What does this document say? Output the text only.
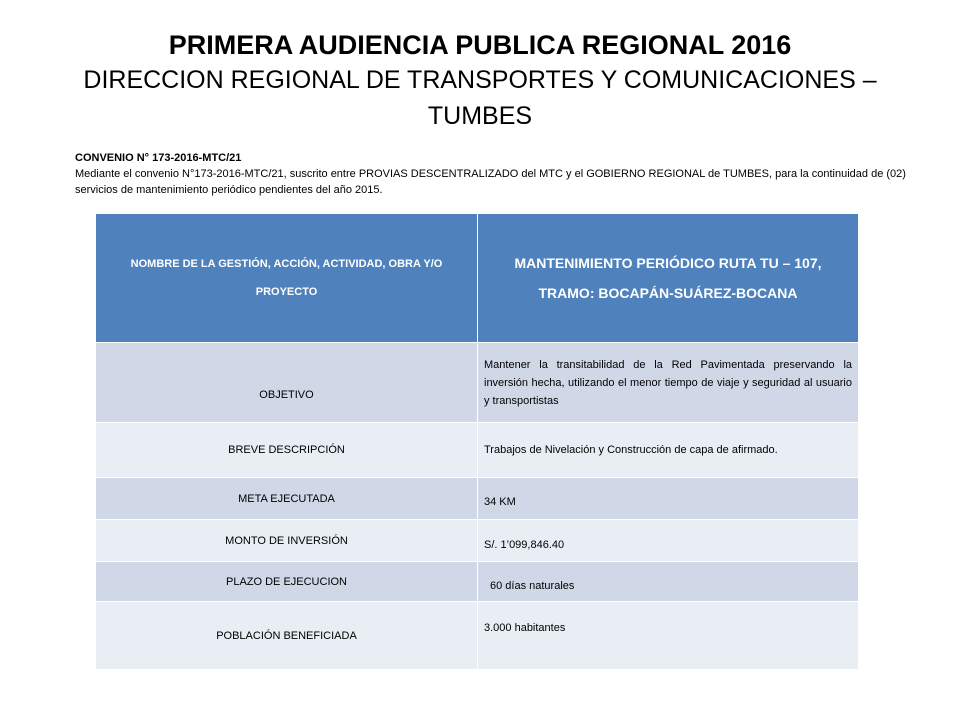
PRIMERA AUDIENCIA PUBLICA REGIONAL 2016
DIRECCION REGIONAL DE TRANSPORTES Y COMUNICACIONES –
TUMBES
CONVENIO N° 173-2016-MTC/21
Mediante el convenio N°173-2016-MTC/21, suscrito entre PROVIAS DESCENTRALIZADO del MTC y el GOBIERNO REGIONAL de TUMBES, para la continuidad de (02) servicios de mantenimiento periódico pendientes del año 2015.
NOMBRE DE LA GESTIÓN, ACCIÓN, ACTIVIDAD, OBRA Y/O PROYECTO	MANTENIMIENTO PERIÓDICO RUTA TU – 107, TRAMO: BOCAPÁN-SUÁREZ-BOCANA
OBJETIVO	Mantener la transitabilidad de la Red Pavimentada preservando la inversión hecha, utilizando el menor tiempo de viaje y seguridad al usuario y transportistas
BREVE DESCRIPCIÓN	Trabajos de Nivelación y Construcción de capa de afirmado.
META EJECUTADA	34 KM
MONTO DE INVERSIÓN	S/. 1’099,846.40
PLAZO DE EJECUCION	60 días naturales
POBLACIÓN BENEFICIADA	3.000 habitantes
